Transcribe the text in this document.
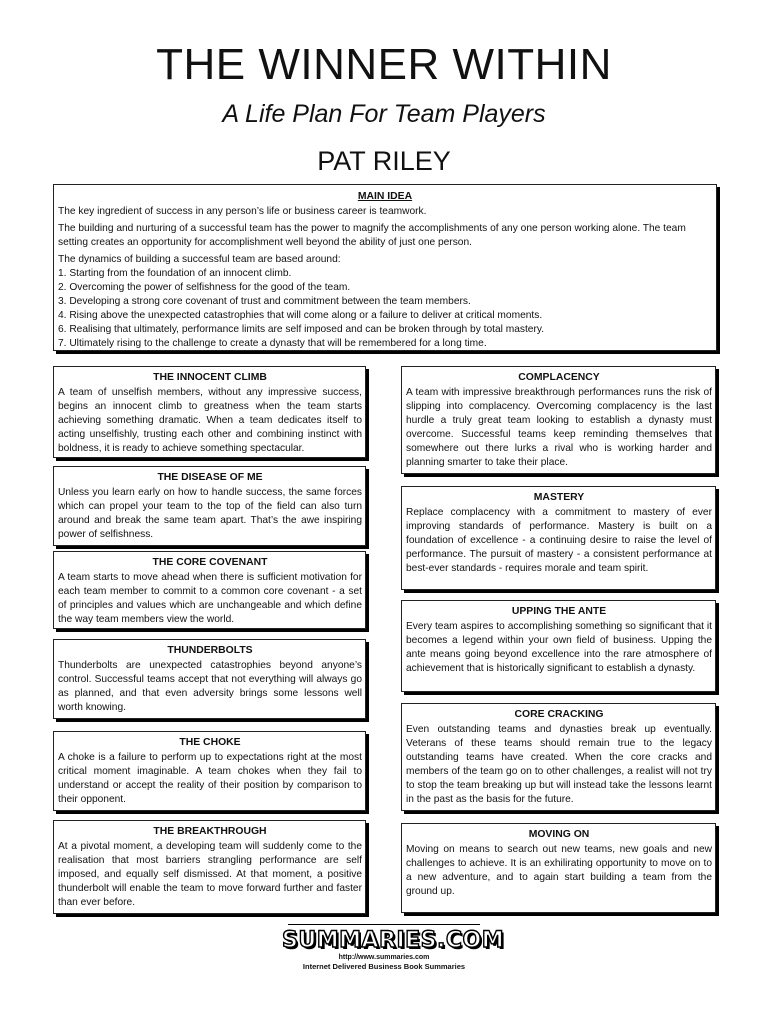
THE WINNER WITHIN
A Life Plan For Team Players
PAT RILEY
MAIN IDEA

The key ingredient of success in any person’s life or business career is teamwork.

The building and nurturing of a successful team has the power to magnify the accomplishments of any one person working alone. The team setting creates an opportunity for accomplishment well beyond the ability of just one person.

The dynamics of building a successful team are based around:

1. Starting from the foundation of an innocent climb.
2. Overcoming the power of selfishness for the good of the team.
3. Developing a strong core covenant of trust and commitment between the team members.
4. Rising above the unexpected catastrophies that will come along or a failure to deliver at critical moments.
6. Realising that ultimately, performance limits are self imposed and can be broken through by total mastery.
7. Ultimately rising to the challenge to create a dynasty that will be remembered for a long time.
THE INNOCENT CLIMB

A team of unselfish members, without any impressive success, begins an innocent climb to greatness when the team starts achieving something dramatic. When a team dedicates itself to acting unselfishly, trusting each other and combining instinct with boldness, it is ready to achieve something spectacular.

THE DISEASE OF ME

Unless you learn early on how to handle success, the same forces which can propel your team to the top of the field can also turn around and break the same team apart. That’s the awe inspiring power of selfishness.

THE CORE COVENANT

A team starts to move ahead when there is sufficient motivation for each team member to commit to a common core covenant - a set of principles and values which are unchangeable and which define the way team members view the world.

THUNDERBOLTS

Thunderbolts are unexpected catastrophies beyond anyone’s control. Successful teams accept that not everything will always go as planned, and that even adversity brings some lessons well worth knowing.

THE CHOKE

A choke is a failure to perform up to expectations right at the most critical moment imaginable. A team chokes when they fail to understand or accept the reality of their position by comparison to their opponent.

THE BREAKTHROUGH

At a pivotal moment, a developing team will suddenly come to the realisation that most barriers strangling performance are self imposed, and equally self dismissed. At that moment, a positive thunderbolt will enable the team to move forward further and faster than ever before.

COMPLACENCY

A team with impressive breakthrough performances runs the risk of slipping into complacency. Overcoming complacency is the last hurdle a truly great team looking to establish a dynasty must overcome. Successful teams keep reminding themselves that somewhere out there lurks a rival who is working harder and planning smarter to take their place.

MASTERY

Replace complacency with a commitment to mastery of ever improving standards of performance. Mastery is built on a foundation of excellence - a continuing desire to raise the level of performance. The pursuit of mastery - a consistent performance at best-ever standards - requires morale and team spirit.

UPPING THE ANTE

Every team aspires to accomplishing something so significant that it becomes a legend within your own field of business. Upping the ante means going beyond excellence into the rare atmosphere of achievement that is historically significant to establish a dynasty.

CORE CRACKING

Even outstanding teams and dynasties break up eventually. Veterans of these teams should remain true to the legacy outstanding teams have created. When the core cracks and members of the team go on to other challenges, a realist will not try to stop the team breaking up but will instead take the lessons learnt in the past as the basis for the future.

MOVING ON

Moving on means to search out new teams, new goals and new challenges to achieve. It is an exhilirating opportunity to move on to a new adventure, and to again start building a team from the ground up.

SUMMARIES.COM
http://www.summaries.com
Internet Delivered Business Book Summaries
